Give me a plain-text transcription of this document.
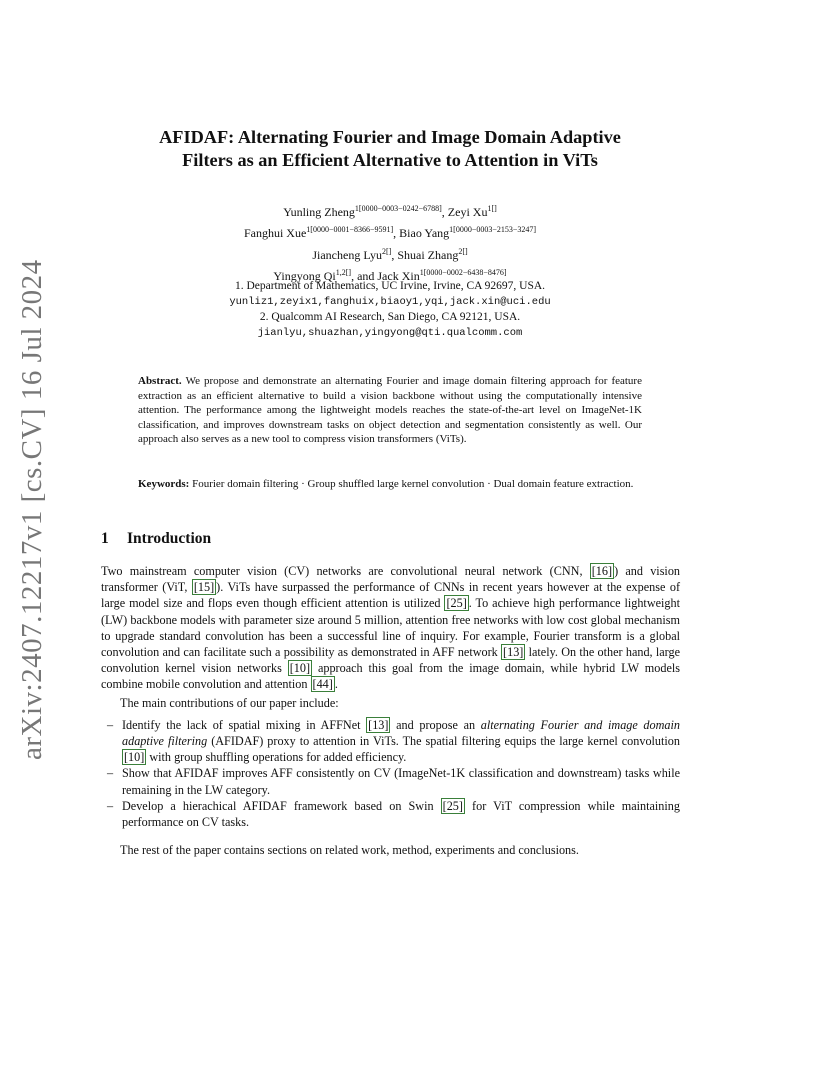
arXiv:2407.12217v1 [cs.CV] 16 Jul 2024
AFIDAF: Alternating Fourier and Image Domain Adaptive
Filters as an Efficient Alternative to Attention in ViTs
Yunling Zheng$^{1[0000-0003-0242-6788]}$, Zeyi $Xu^{1[]}$
Fanghui Xue$^{1[0000-0001-8366-9591]}$, Biao Yang$^{1[0000-0003-2153-3247]}$
Jiancheng Lyu$^{2[]}$, Shuai Zhang$^{2[]}$
Yingyong $Qi^{1,2[]}$, and Jack Xin$^{1[0000-0002-6438-8476]}$
1. Department of Mathematics, UC Irvine, Irvine, CA 92697, USA.
yunliz1,zeyix1,fanghuix,biaoy1,yqi,jack.xin@uci.edu
2. Qualcomm AI Research, San Diego, CA 92121, USA.
jianlyu,shuazhan,yingyong@qti.qualcomm.com
Abstract. We propose and demonstrate an alternating Fourier and image domain filtering approach for feature extraction as an efficient alternative to build a vision backbone without using the computationally intensive attention. The performance among the lightweight models reaches the state-of-the-art level on ImageNet-1K classification, and improves downstream tasks on object detection and segmentation consistently as well. Our approach also serves as a new tool to compress vision transformers (ViTs).
Keywords: Fourier domain filtering · Group shuffled large kernel convolution · Dual domain feature extraction.
1 Introduction

Two mainstream computer vision (CV) networks are convolutional neural network (CNN, [16] ) and vision transformer (ViT, [15] ). ViTs have surpassed the performance of CNNs in recent years however at the expense of large model size and flops even though efficient attention is utilized [25] . To achieve high performance lightweight (LW) backbone models with parameter size around 5 million, attention free networks with low cost global mechanism to upgrade standard convolution has been a successful line of inquiry. For example, Fourier transform is a global convolution and can facilitate such a possibility as demonstrated in AFF network [13] lately. On the other hand, large convolution kernel vision networks [10] approach this goal from the image domain, while hybrid LW models combine mobile convolution and attention [44] .

The main contributions of our paper include:

– Identify the lack of spatial mixing in AFFNet [13] and propose an alternating Fourier and image domain adaptive filtering (AFIDAF) proxy to attention in ViTs. The spatial filtering equips the large kernel convolution [10] with group shuffling operations for added efficiency.
– Show that AFIDAF improves AFF consistently on CV (ImageNet-1K classification and downstream) tasks while remaining in the LW category.
– Develop a hierachical AFIDAF framework based on Swin [25] for ViT compression while maintaining performance on CV tasks.

The rest of the paper contains sections on related work, method, experiments and conclusions.
